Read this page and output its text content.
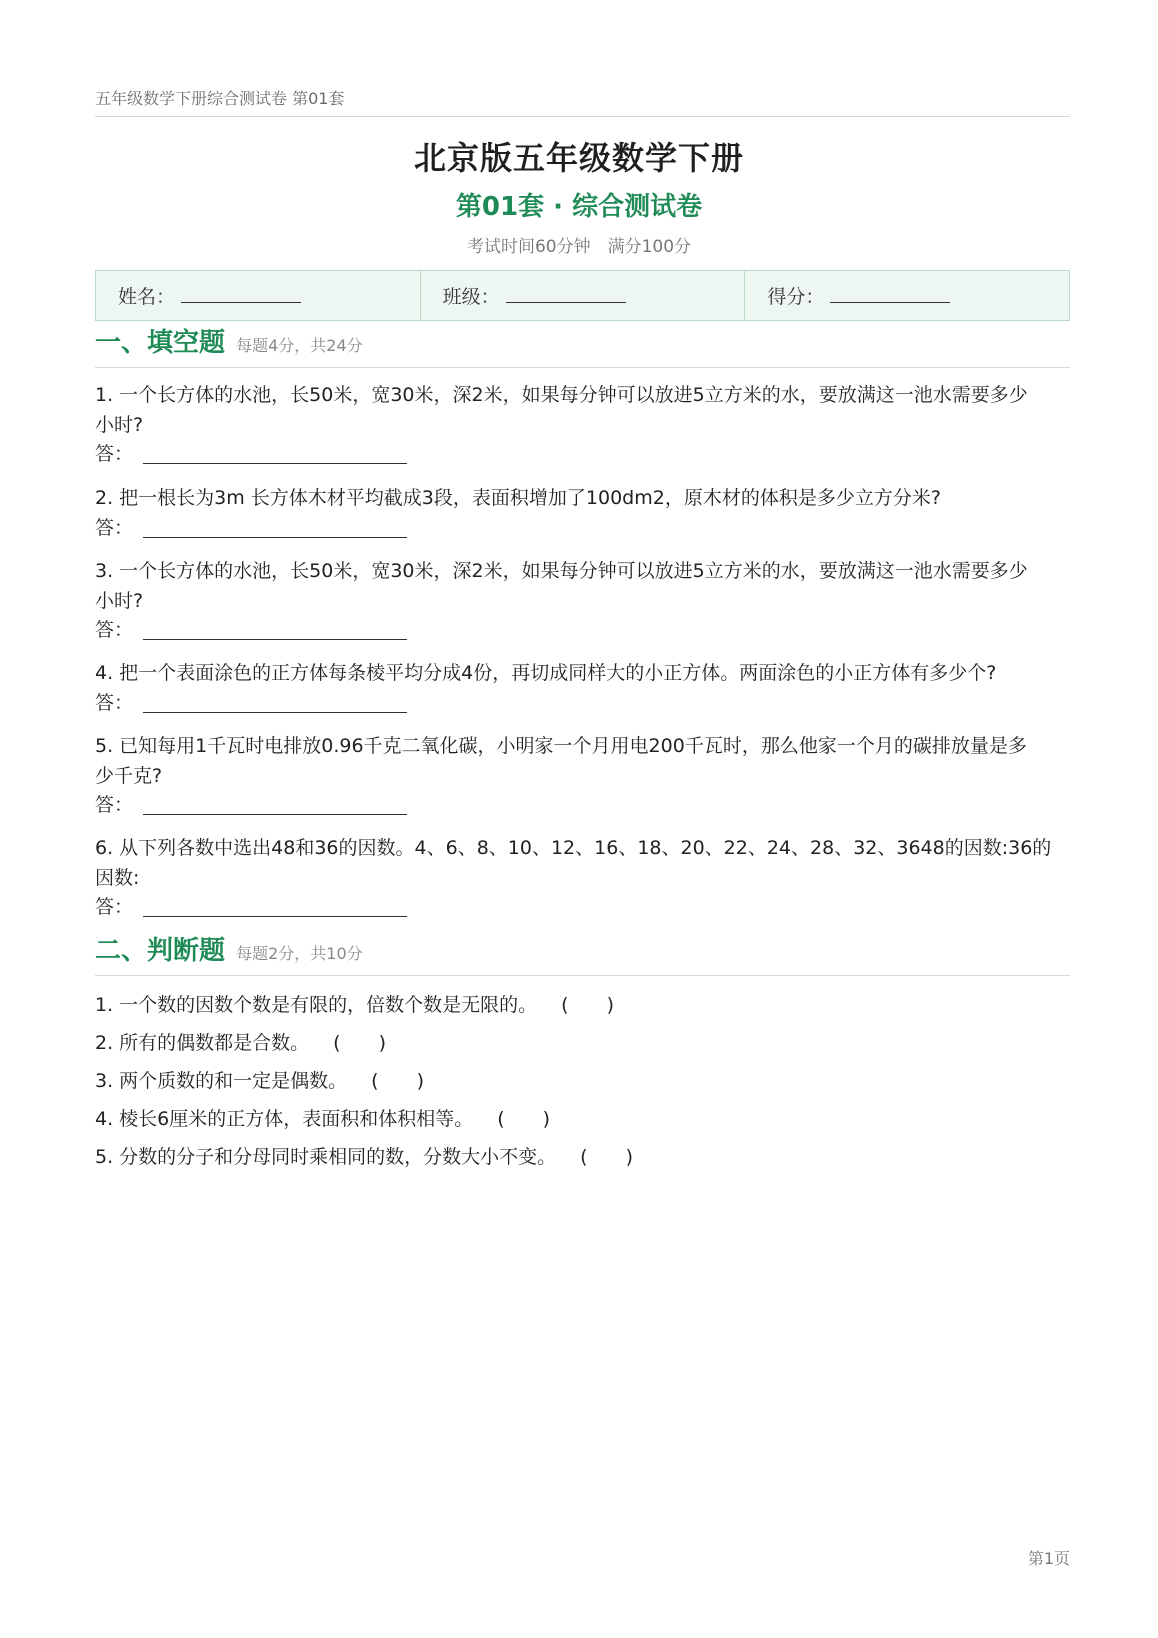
五年级数学下册综合测试卷 第01套
北京版五年级数学下册
第01套 · 综合测试卷
考试时间60分钟　满分100分
姓名：	班级：	得分：
一、填空题 每题4分，共24分
1. 一个长方体的水池，长50米，宽30米，深2米，如果每分钟可以放进5立方米的水，要放满这一池水需要多少
小时?
答：
2. 把一根长为3m 长方体木材平均截成3段，表面积增加了100dm2，原木材的体积是多少立方分米?
答：
3. 一个长方体的水池，长50米，宽30米，深2米，如果每分钟可以放进5立方米的水，要放满这一池水需要多少
小时?
答：
4. 把一个表面涂色的正方体每条棱平均分成4份，再切成同样大的小正方体。两面涂色的小正方体有多少个?
答：
5. 已知每用1千瓦时电排放0.96千克二氧化碳，小明家一个月用电200千瓦时，那么他家一个月的碳排放量是多
少千克?
答：
6. 从下列各数中选出48和36的因数。4、6、8、10、12、16、18、20、22、24、28、32、3648的因数:36的
因数:
答：
二、判断题 每题2分，共10分
1. 一个数的因数个数是有限的，倍数个数是无限的。 (　　)
2. 所有的偶数都是合数。 (　　)
3. 两个质数的和一定是偶数。 (　　)
4. 棱长6厘米的正方体，表面积和体积相等。 (　　)
5. 分数的分子和分母同时乘相同的数，分数大小不变。 (　　)
第1页
